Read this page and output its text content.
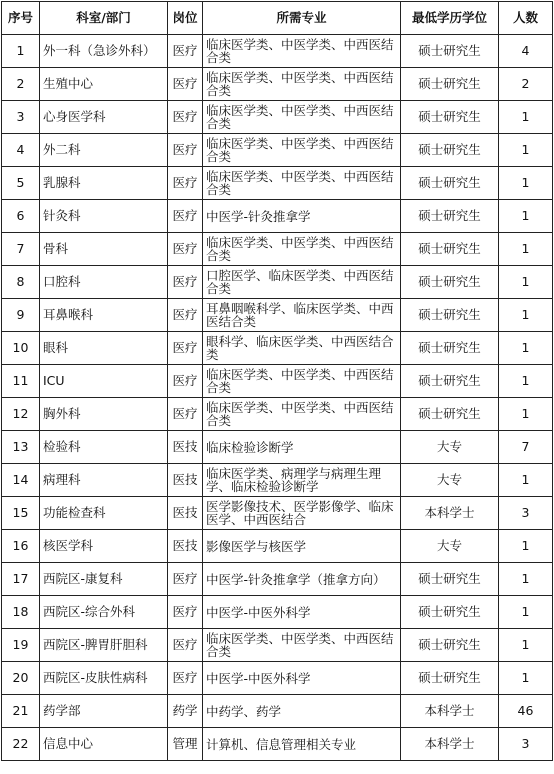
序号	科室/部门	岗位	所需专业	最低学历学位	人数
1	外一科（急诊外科）	医疗	临床医学类、中医学类、中西医结合类	硕士研究生	4
2	生殖中心	医疗	临床医学类、中医学类、中西医结合类	硕士研究生	2
3	心身医学科	医疗	临床医学类、中医学类、中西医结合类	硕士研究生	1
4	外二科	医疗	临床医学类、中医学类、中西医结合类	硕士研究生	1
5	乳腺科	医疗	临床医学类、中医学类、中西医结合类	硕士研究生	1
6	针灸科	医疗	中医学-针灸推拿学	硕士研究生	1
7	骨科	医疗	临床医学类、中医学类、中西医结合类	硕士研究生	1
8	口腔科	医疗	口腔医学、临床医学类、中西医结合类	硕士研究生	1
9	耳鼻喉科	医疗	耳鼻咽喉科学、临床医学类、中西医结合类	硕士研究生	1
10	眼科	医疗	眼科学、临床医学类、中西医结合类	硕士研究生	1
11	ICU	医疗	临床医学类、中医学类、中西医结合类	硕士研究生	1
12	胸外科	医疗	临床医学类、中医学类、中西医结合类	硕士研究生	1
13	检验科	医技	临床检验诊断学	大专	7
14	病理科	医技	临床医学类、病理学与病理生理学、临床检验诊断学	大专	1
15	功能检查科	医技	医学影像技术、医学影像学、临床医学、中西医结合	本科学士	3
16	核医学科	医技	影像医学与核医学	大专	1
17	西院区-康复科	医疗	中医学-针灸推拿学（推拿方向）	硕士研究生	1
18	西院区-综合外科	医疗	中医学-中医外科学	硕士研究生	1
19	西院区-脾胃肝胆科	医疗	临床医学类、中医学类、中西医结合类	硕士研究生	1
20	西院区-皮肤性病科	医疗	中医学-中医外科学	硕士研究生	1
21	药学部	药学	中药学、药学	本科学士	46
22	信息中心	管理	计算机、信息管理相关专业	本科学士	3
